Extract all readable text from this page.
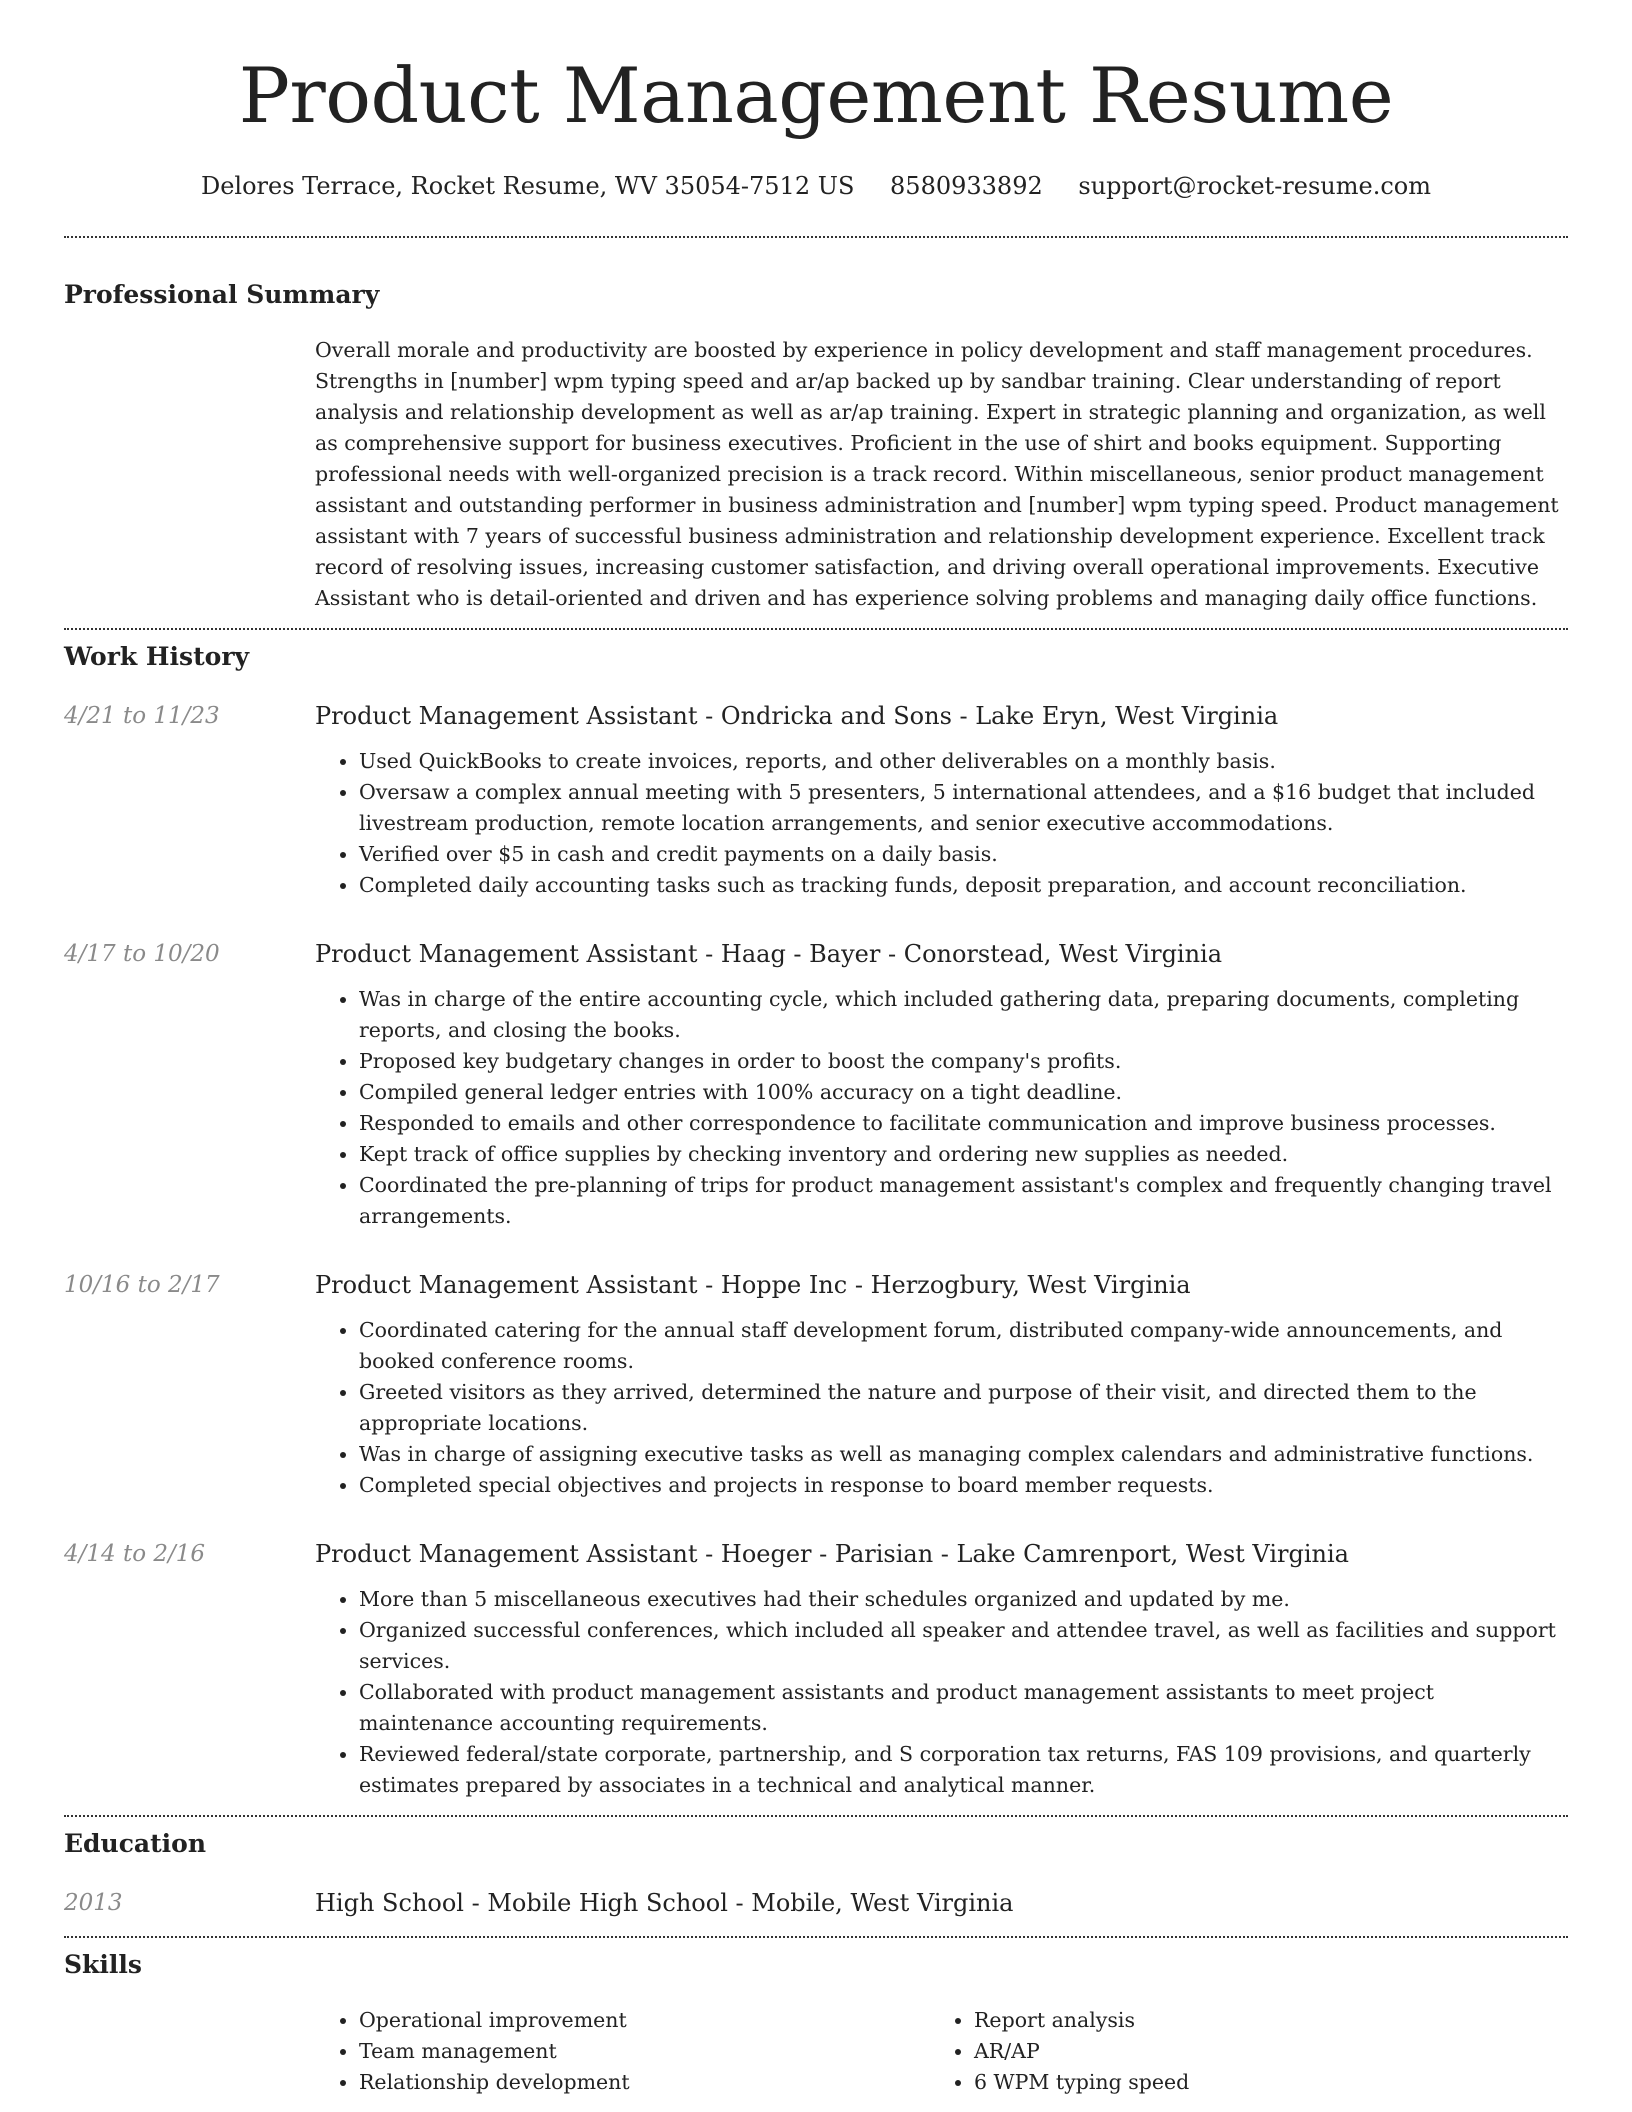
Product Management Resume
Delores Terrace, Rocket Resume, WV 35054-7512 US 8580933892 support@rocket-resume.com
Professional Summary
Overall morale and productivity are boosted by experience in policy development and staff management procedures. Strengths in [number] wpm typing speed and ar/ap backed up by sandbar training. Clear understanding of report analysis and relationship development as well as ar/ap training. Expert in strategic planning and organization, as well as comprehensive support for business executives. Proficient in the use of shirt and books equipment. Supporting professional needs with well-organized precision is a track record. Within miscellaneous, senior product management assistant and outstanding performer in business administration and [number] wpm typing speed. Product management assistant with 7 years of successful business administration and relationship development experience. Excellent track record of resolving issues, increasing customer satisfaction, and driving overall operational improvements. Executive Assistant who is detail-oriented and driven and has experience solving problems and managing daily office functions.
Work History
4/21 to 11/23	Product Management Assistant - Ondricka and Sons - Lake Eryn, West Virginia
• Used QuickBooks to create invoices, reports, and other deliverables on a monthly basis.
• Oversaw a complex annual meeting with 5 presenters, 5 international attendees, and a $16 budget that included livestream production, remote location arrangements, and senior executive accommodations.
• Verified over $5 in cash and credit payments on a daily basis.
• Completed daily accounting tasks such as tracking funds, deposit preparation, and account reconciliation.
4/17 to 10/20	Product Management Assistant - Haag - Bayer - Conorstead, West Virginia
• Was in charge of the entire accounting cycle, which included gathering data, preparing documents, completing reports, and closing the books.
• Proposed key budgetary changes in order to boost the company's profits.
• Compiled general ledger entries with 100% accuracy on a tight deadline.
• Responded to emails and other correspondence to facilitate communication and improve business processes.
• Kept track of office supplies by checking inventory and ordering new supplies as needed.
• Coordinated the pre-planning of trips for product management assistant's complex and frequently changing travel arrangements.
10/16 to 2/17	Product Management Assistant - Hoppe Inc - Herzogbury, West Virginia
• Coordinated catering for the annual staff development forum, distributed company-wide announcements, and booked conference rooms.
• Greeted visitors as they arrived, determined the nature and purpose of their visit, and directed them to the appropriate locations.
• Was in charge of assigning executive tasks as well as managing complex calendars and administrative functions.
• Completed special objectives and projects in response to board member requests.
4/14 to 2/16	Product Management Assistant - Hoeger - Parisian - Lake Camrenport, West Virginia
• More than 5 miscellaneous executives had their schedules organized and updated by me.
• Organized successful conferences, which included all speaker and attendee travel, as well as facilities and support services.
• Collaborated with product management assistants and product management assistants to meet project maintenance accounting requirements.
• Reviewed federal/state corporate, partnership, and S corporation tax returns, FAS 109 provisions, and quarterly estimates prepared by associates in a technical and analytical manner.
Education
2013	High School - Mobile High School - Mobile, West Virginia
Skills
• Operational improvement
• Team management
• Relationship development
• Report analysis
• AR/AP
• 6 WPM typing speed
